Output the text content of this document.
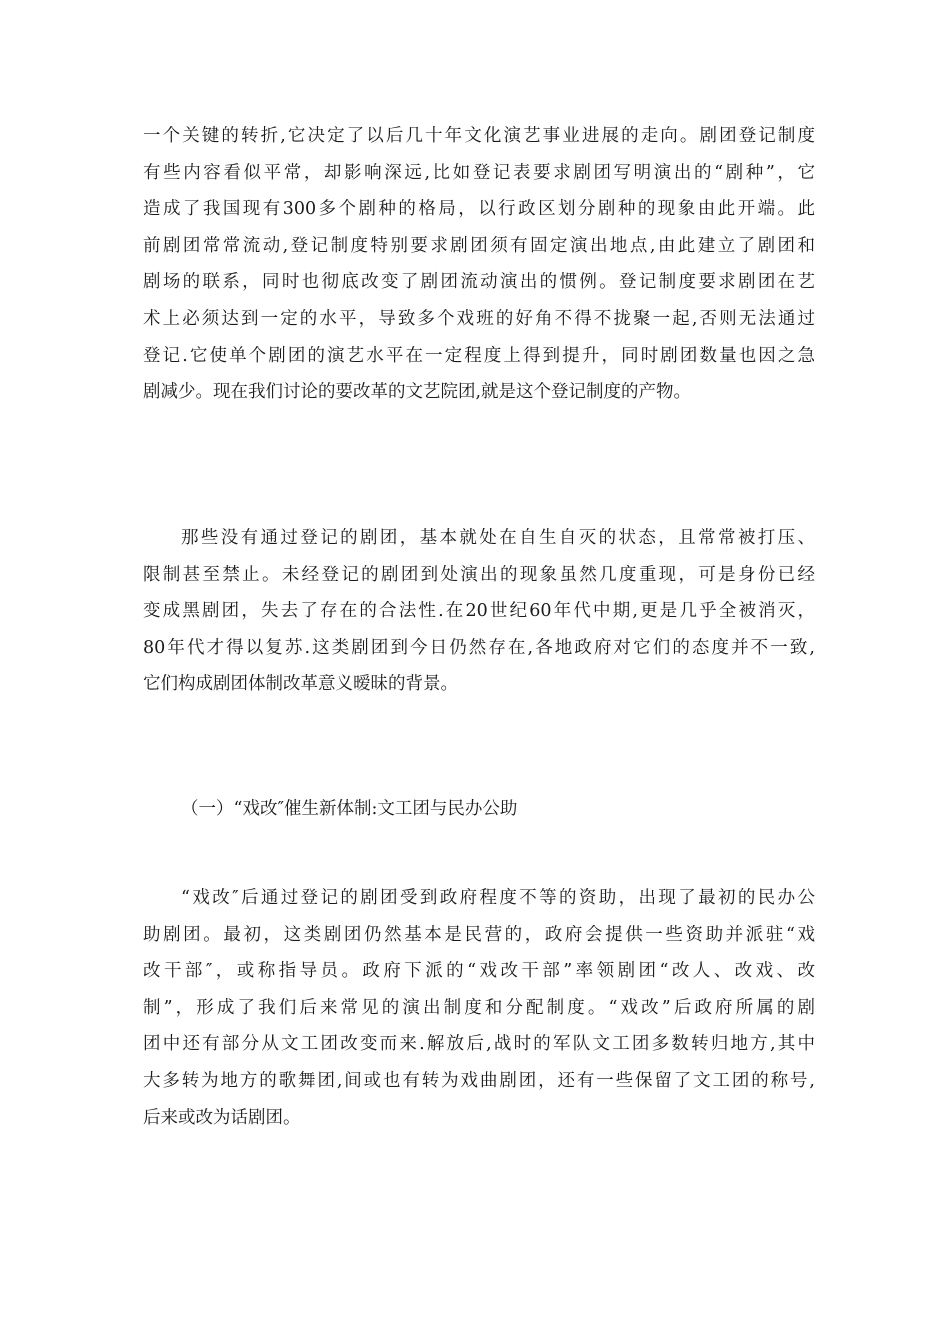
一个关键的转折,它决定了以后几十年文化演艺事业进展的走向。剧团登记制度
有些内容看似平常，却影响深远,比如登记表要求剧团写明演出的“剧种”，它
造成了我国现有300多个剧种的格局，以行政区划分剧种的现象由此开端。此
前剧团常常流动,登记制度特别要求剧团须有固定演出地点,由此建立了剧团和
剧场的联系，同时也彻底改变了剧团流动演出的惯例。登记制度要求剧团在艺
术上必须达到一定的水平，导致多个戏班的好角不得不拢聚一起,否则无法通过
登记.它使单个剧团的演艺水平在一定程度上得到提升，同时剧团数量也因之急
剧减少。现在我们讨论的要改革的文艺院团,就是这个登记制度的产物。
那些没有通过登记的剧团，基本就处在自生自灭的状态，且常常被打压、
限制甚至禁止。未经登记的剧团到处演出的现象虽然几度重现，可是身份已经
变成黑剧团，失去了存在的合法性.在20世纪60年代中期,更是几乎全被消灭，
80年代才得以复苏.这类剧团到今日仍然存在,各地政府对它们的态度并不一致,
它们构成剧团体制改革意义暧昧的背景。
（一）“戏改″催生新体制:文工团与民办公助
“戏改″后通过登记的剧团受到政府程度不等的资助，出现了最初的民办公
助剧团。最初，这类剧团仍然基本是民营的，政府会提供一些资助并派驻“戏
改干部″，或称指导员。政府下派的“戏改干部”率领剧团“改人、改戏、改
制”，形成了我们后来常见的演出制度和分配制度。“戏改”后政府所属的剧
团中还有部分从文工团改变而来.解放后,战时的军队文工团多数转归地方,其中
大多转为地方的歌舞团,间或也有转为戏曲剧团，还有一些保留了文工团的称号,
后来或改为话剧团。
